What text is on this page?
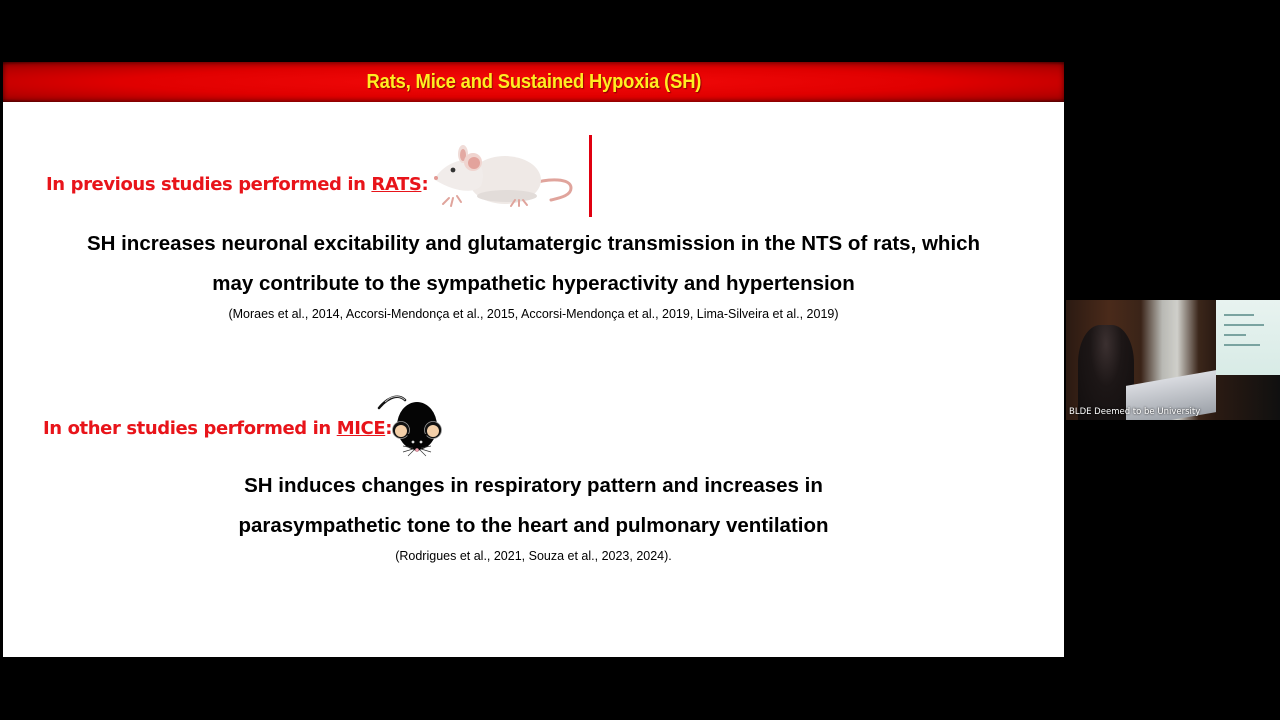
Rats, Mice and Sustained Hypoxia (SH)
In previous studies performed in RATS:
SH increases neuronal excitability and glutamatergic transmission in the NTS of rats, which
may contribute to the sympathetic hyperactivity and hypertension
(Moraes et al., 2014, Accorsi-Mendonça et al., 2015, Accorsi-Mendonça et al., 2019, Lima-Silveira et al., 2019)
In other studies performed in MICE:
SH induces changes in respiratory pattern and increases in
parasympathetic tone to the heart and pulmonary ventilation
(Rodrigues et al., 2021, Souza et al., 2023, 2024).
BLDE Deemed to be University
